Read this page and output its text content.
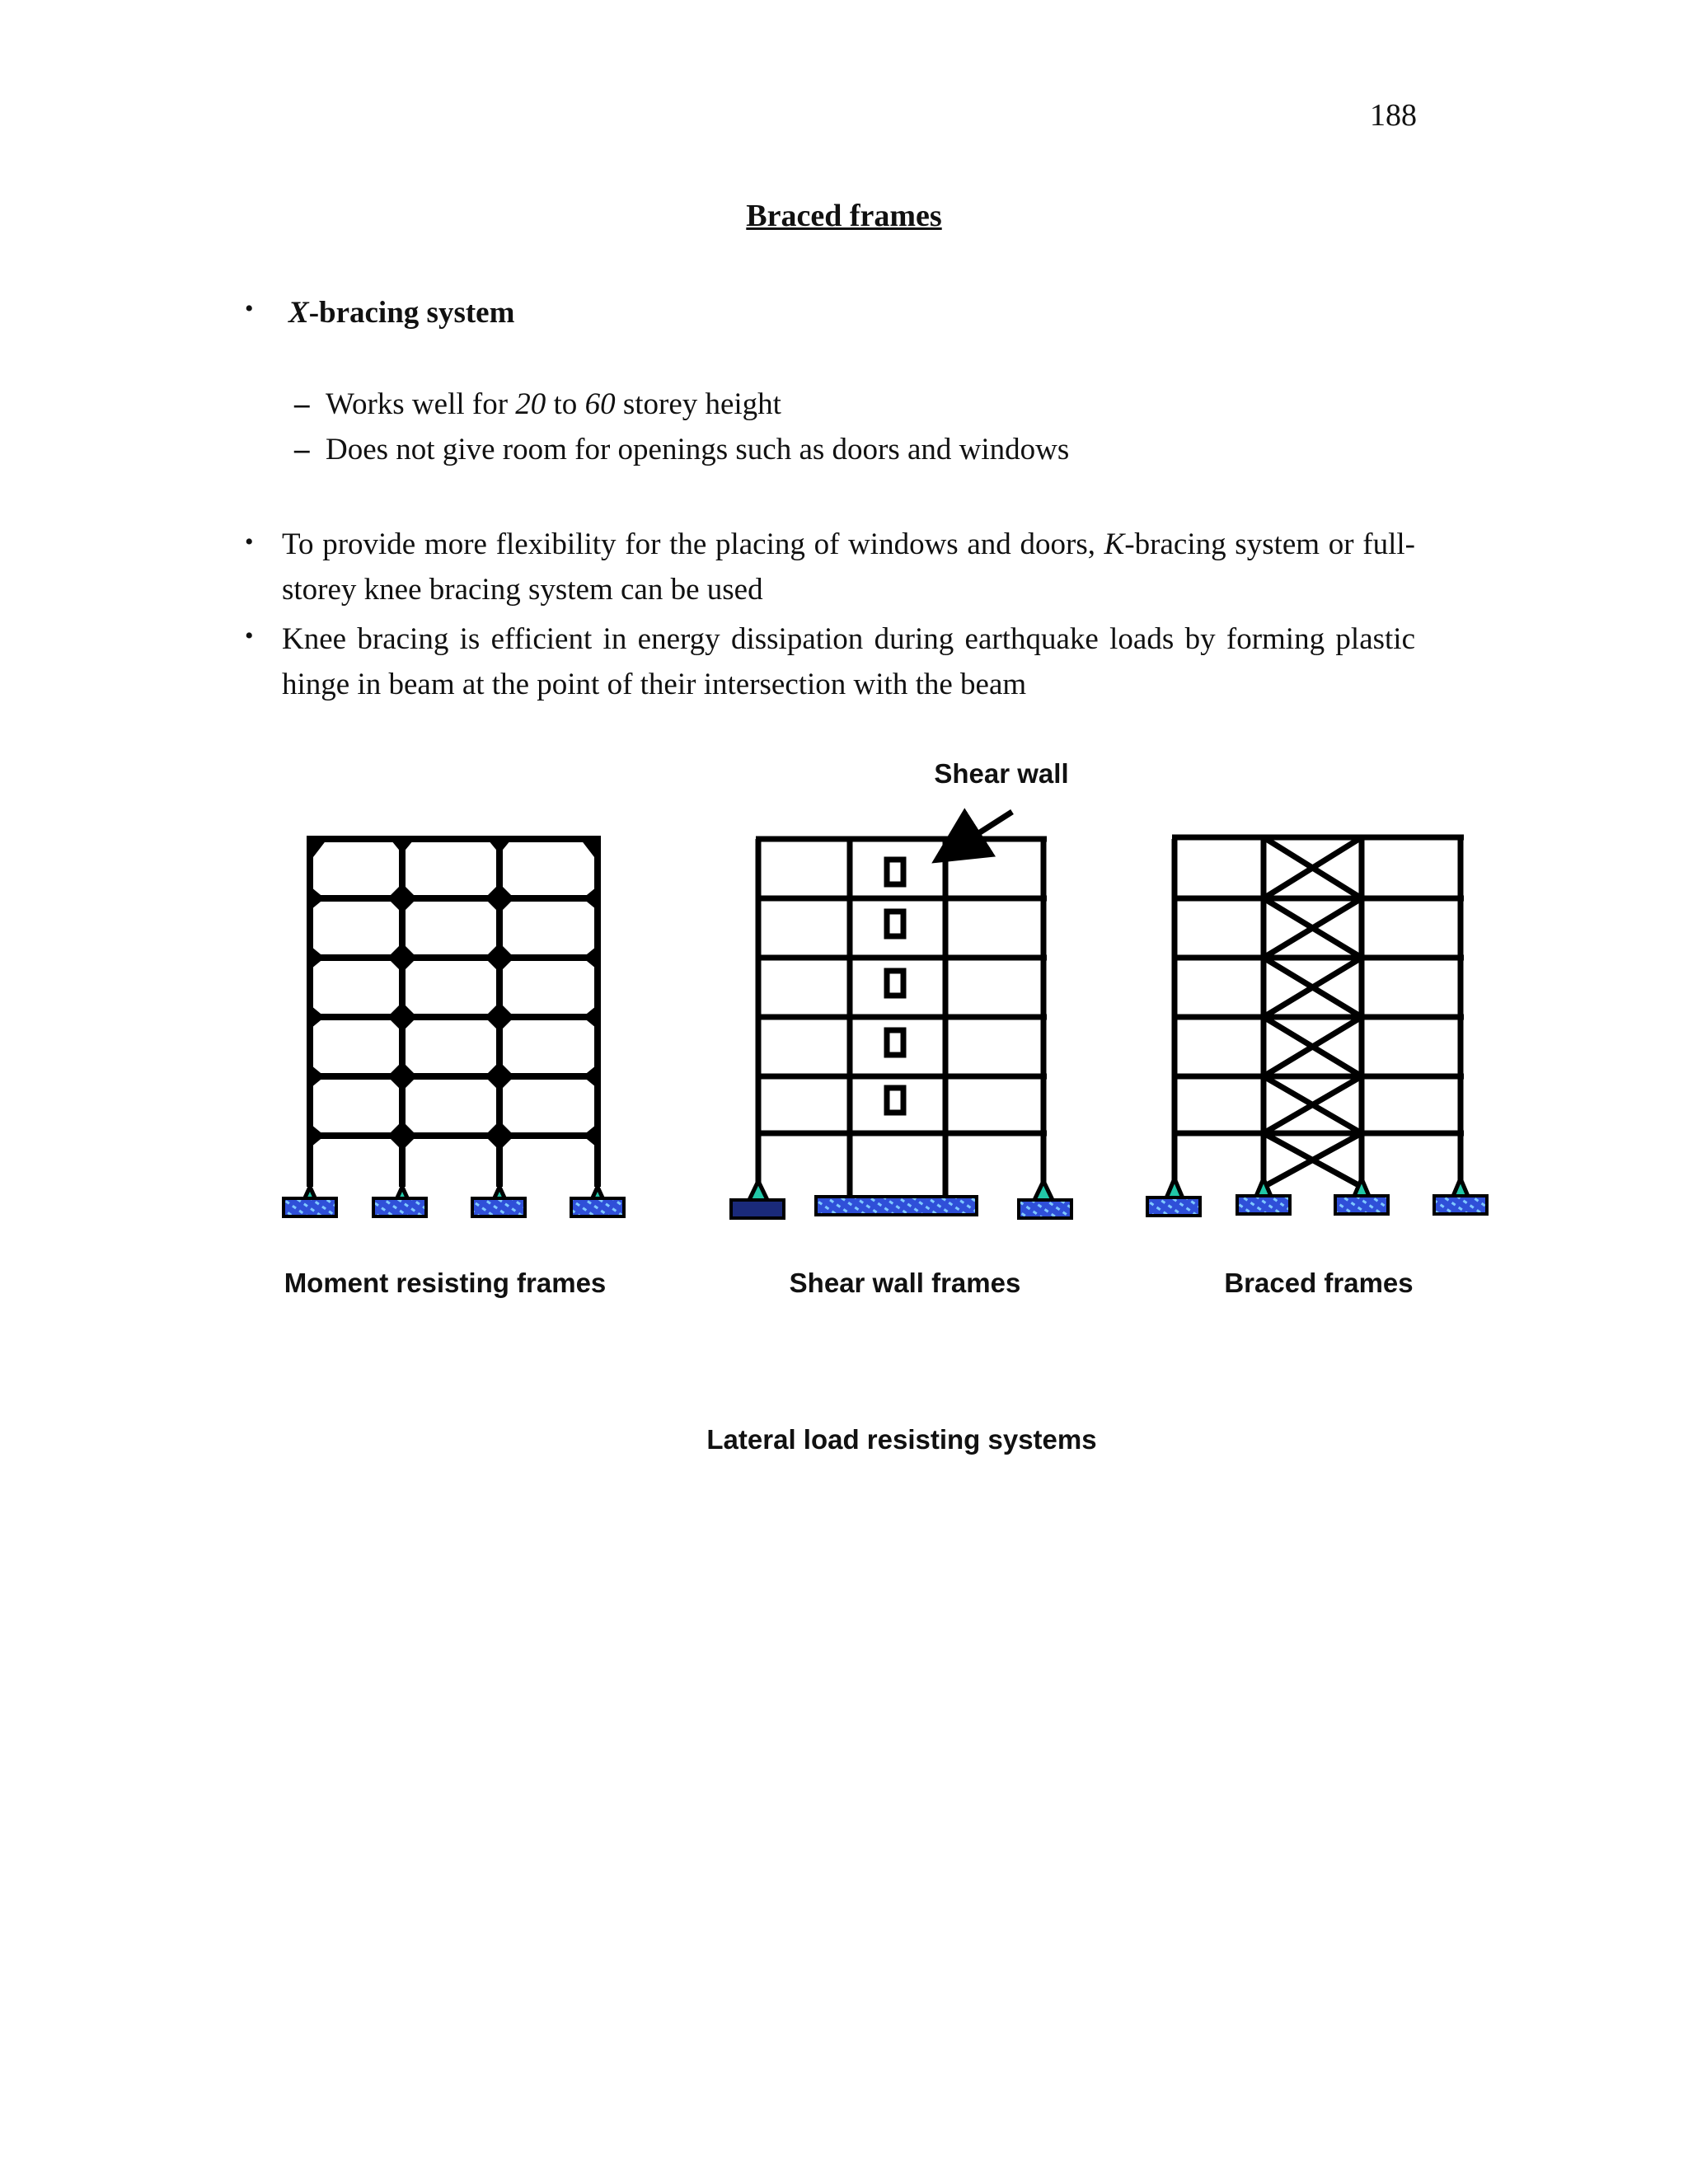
188
Braced frames
• X-bracing system
– Works well for 20 to 60 storey height
– Does not give room for openings such as doors and windows
• To provide more flexibility for the placing of windows and doors, K-bracing system or full-storey knee bracing system can be used
• Knee bracing is efficient in energy dissipation during earthquake loads by forming plastic hinge in beam at the point of their intersection with the beam
Shear wall
Moment resisting frames	Shear wall frames	Braced frames
Lateral load resisting systems
